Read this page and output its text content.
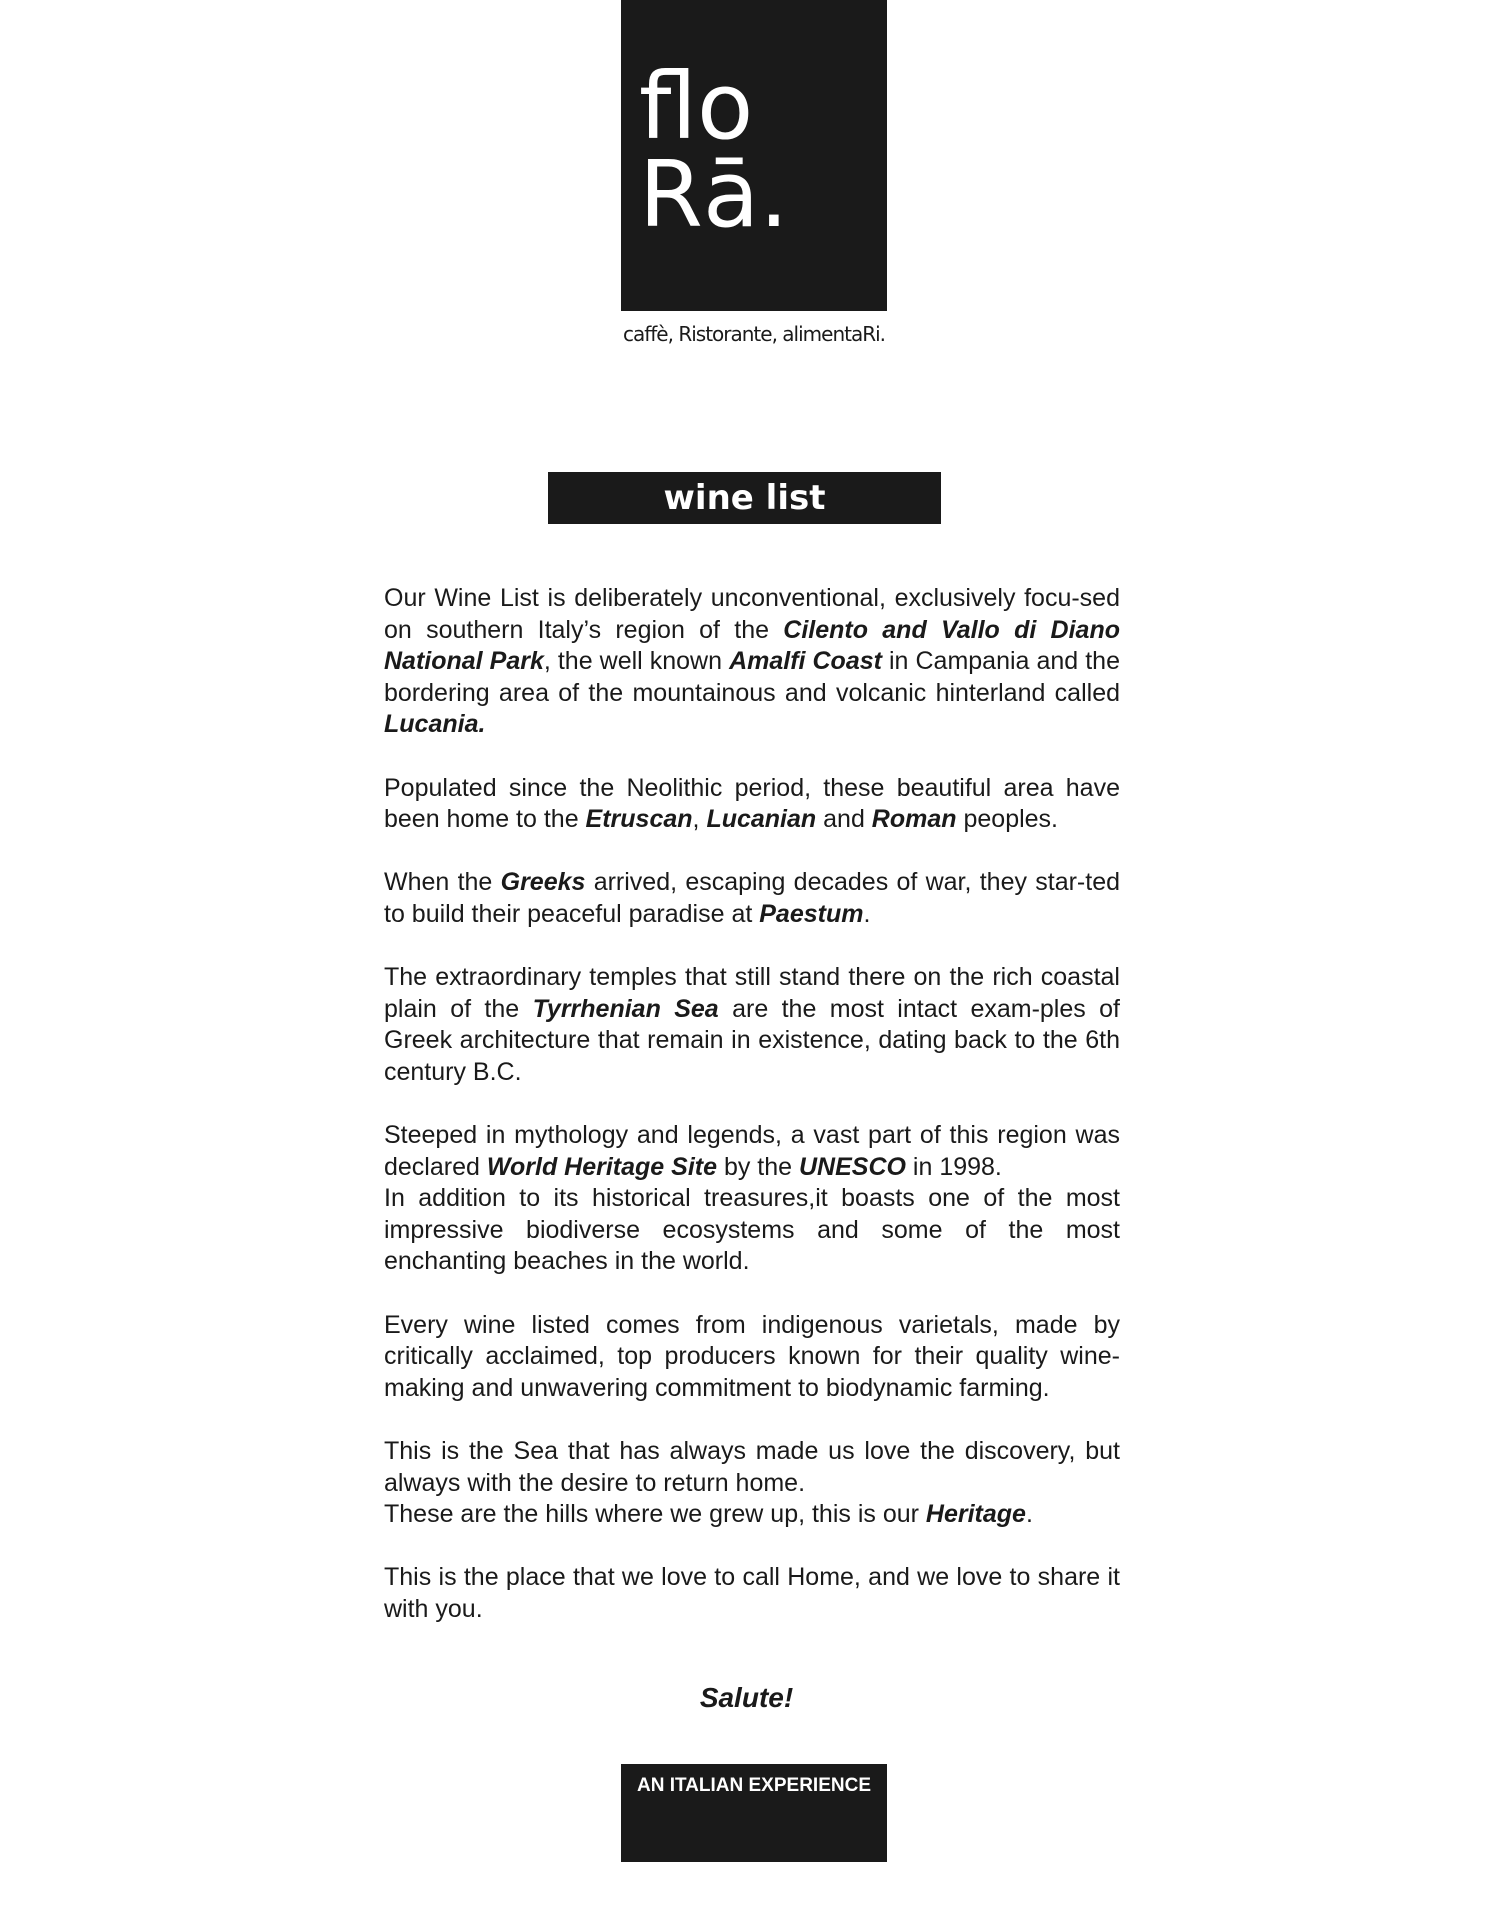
flo
Rā.
caffè, Ristorante, alimentaRi.
wine list

Our Wine List is deliberately unconventional, exclusively focu-sed on southern Italy’s region of the Cilento and Vallo di Diano National Park, the well known Amalfi Coast in Campania and the bordering area of the mountainous and volcanic hinterland called Lucania.

Populated since the Neolithic period, these beautiful area have been home to the Etruscan, Lucanian and Roman peoples.

When the Greeks arrived, escaping decades of war, they star-ted to build their peaceful paradise at Paestum.

The extraordinary temples that still stand there on the rich coastal plain of the Tyrrhenian Sea are the most intact exam-ples of Greek architecture that remain in existence, dating back to the 6th century B.C.

Steeped in mythology and legends, a vast part of this region was declared World Heritage Site by the UNESCO in 1998.
In addition to its historical treasures,it boasts one of the most impressive biodiverse ecosystems and some of the most enchanting beaches in the world.

Every wine listed comes from indigenous varietals, made by critically acclaimed, top producers known for their quality wine-making and unwavering commitment to biodynamic farming.

This is the Sea that has always made us love the discovery, but always with the desire to return home.
These are the hills where we grew up, this is our Heritage.

This is the place that we love to call Home, and we love to share it with you.

Salute!
AN ITALIAN EXPERIENCE
